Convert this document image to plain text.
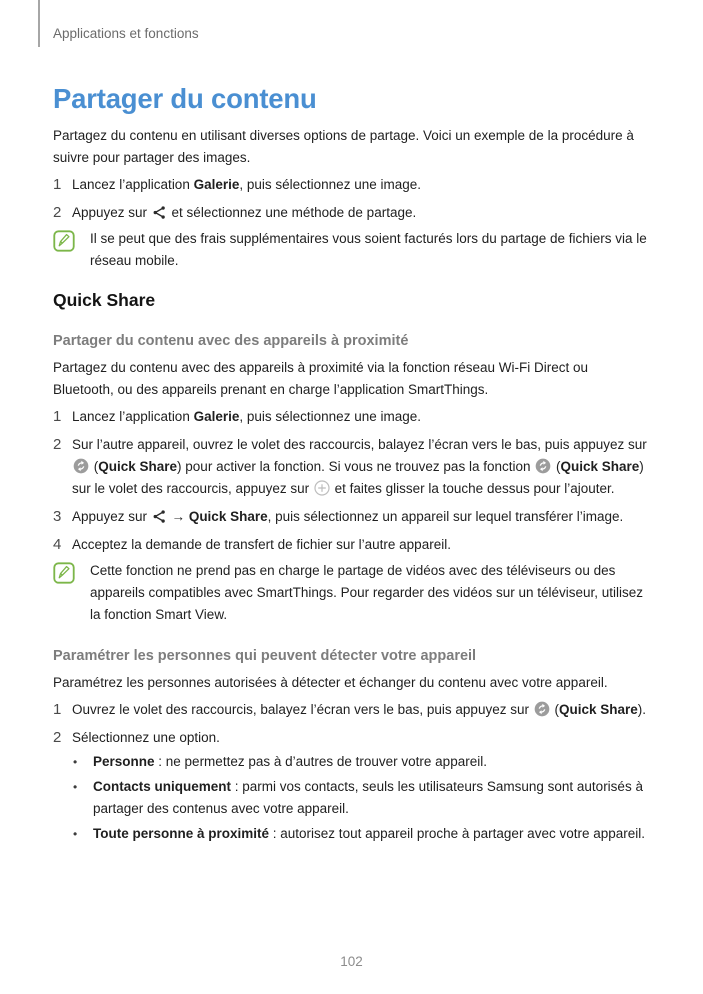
Applications et fonctions
Partager du contenu

Partagez du contenu en utilisant diverses options de partage. Voici un exemple de la procédure à suivre pour partager des images.

1 Lancez l’application Galerie, puis sélectionnez une image.
2 Appuyez sur  et sélectionnez une méthode de partage.

Il se peut que des frais supplémentaires vous soient facturés lors du partage de fichiers via le réseau mobile.

Quick Share
Partager du contenu avec des appareils à proximité

Partagez du contenu avec des appareils à proximité via la fonction réseau Wi-Fi Direct ou Bluetooth, ou des appareils prenant en charge l’application SmartThings.

1 Lancez l’application Galerie, puis sélectionnez une image.
2 Sur l’autre appareil, ouvrez le volet des raccourcis, balayez l’écran vers le bas, puis appuyez sur  (Quick Share) pour activer la fonction. Si vous ne trouvez pas la fonction  (Quick Share) sur le volet des raccourcis, appuyez sur  et faites glisser la touche dessus pour l’ajouter.
3 Appuyez sur  → Quick Share, puis sélectionnez un appareil sur lequel transférer l’image.
4 Acceptez la demande de transfert de fichier sur l’autre appareil.

Cette fonction ne prend pas en charge le partage de vidéos avec des téléviseurs ou des appareils compatibles avec SmartThings. Pour regarder des vidéos sur un téléviseur, utilisez la fonction Smart View.

Paramétrer les personnes qui peuvent détecter votre appareil

Paramétrez les personnes autorisées à détecter et échanger du contenu avec votre appareil.

1 Ouvrez le volet des raccourcis, balayez l’écran vers le bas, puis appuyez sur  (Quick Share).
2 Sélectionnez une option.
•	Personne : ne permettez pas à d’autres de trouver votre appareil.
•	Contacts uniquement : parmi vos contacts, seuls les utilisateurs Samsung sont autorisés à partager des contenus avec votre appareil.
•	Toute personne à proximité : autorisez tout appareil proche à partager avec votre appareil.
102
